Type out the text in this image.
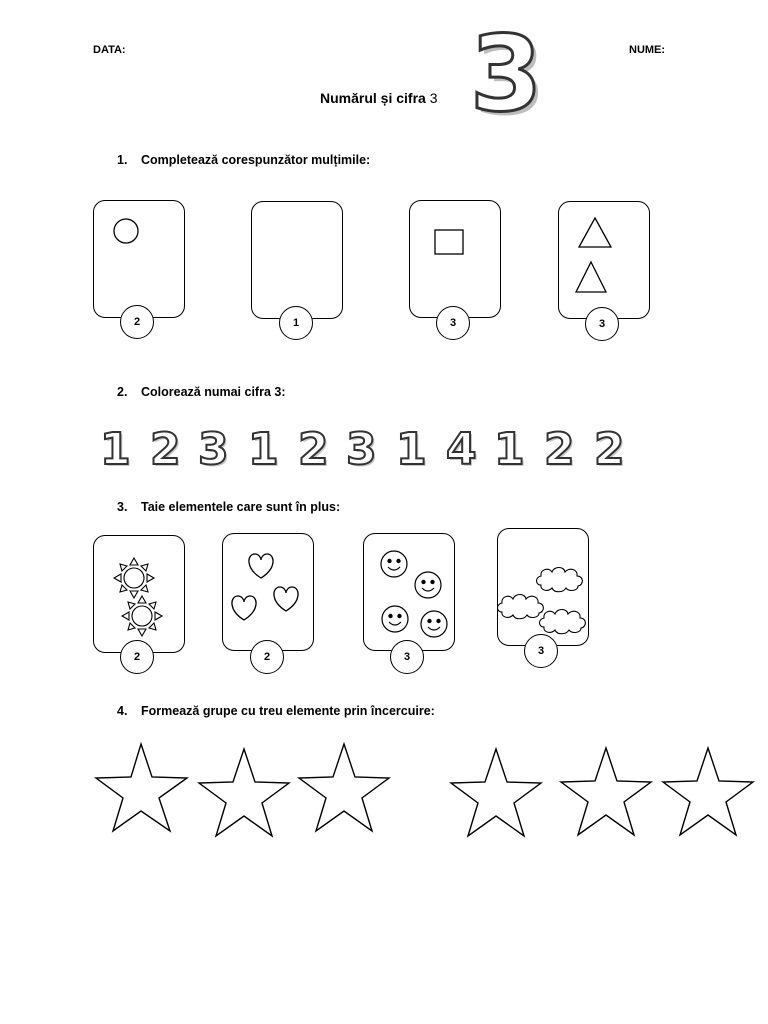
DATA:	NUME:
Numărul și cifra 3 3
1. Completează corespunzător mulțimile:
2	1	3	3
2. Colorează numai cifra 3:
1 2 3 1 2 3 1 4 1 2 2
3. Taie elementele care sunt în plus:
2	2	3	3
4. Formează grupe cu treu elemente prin încercuire:
